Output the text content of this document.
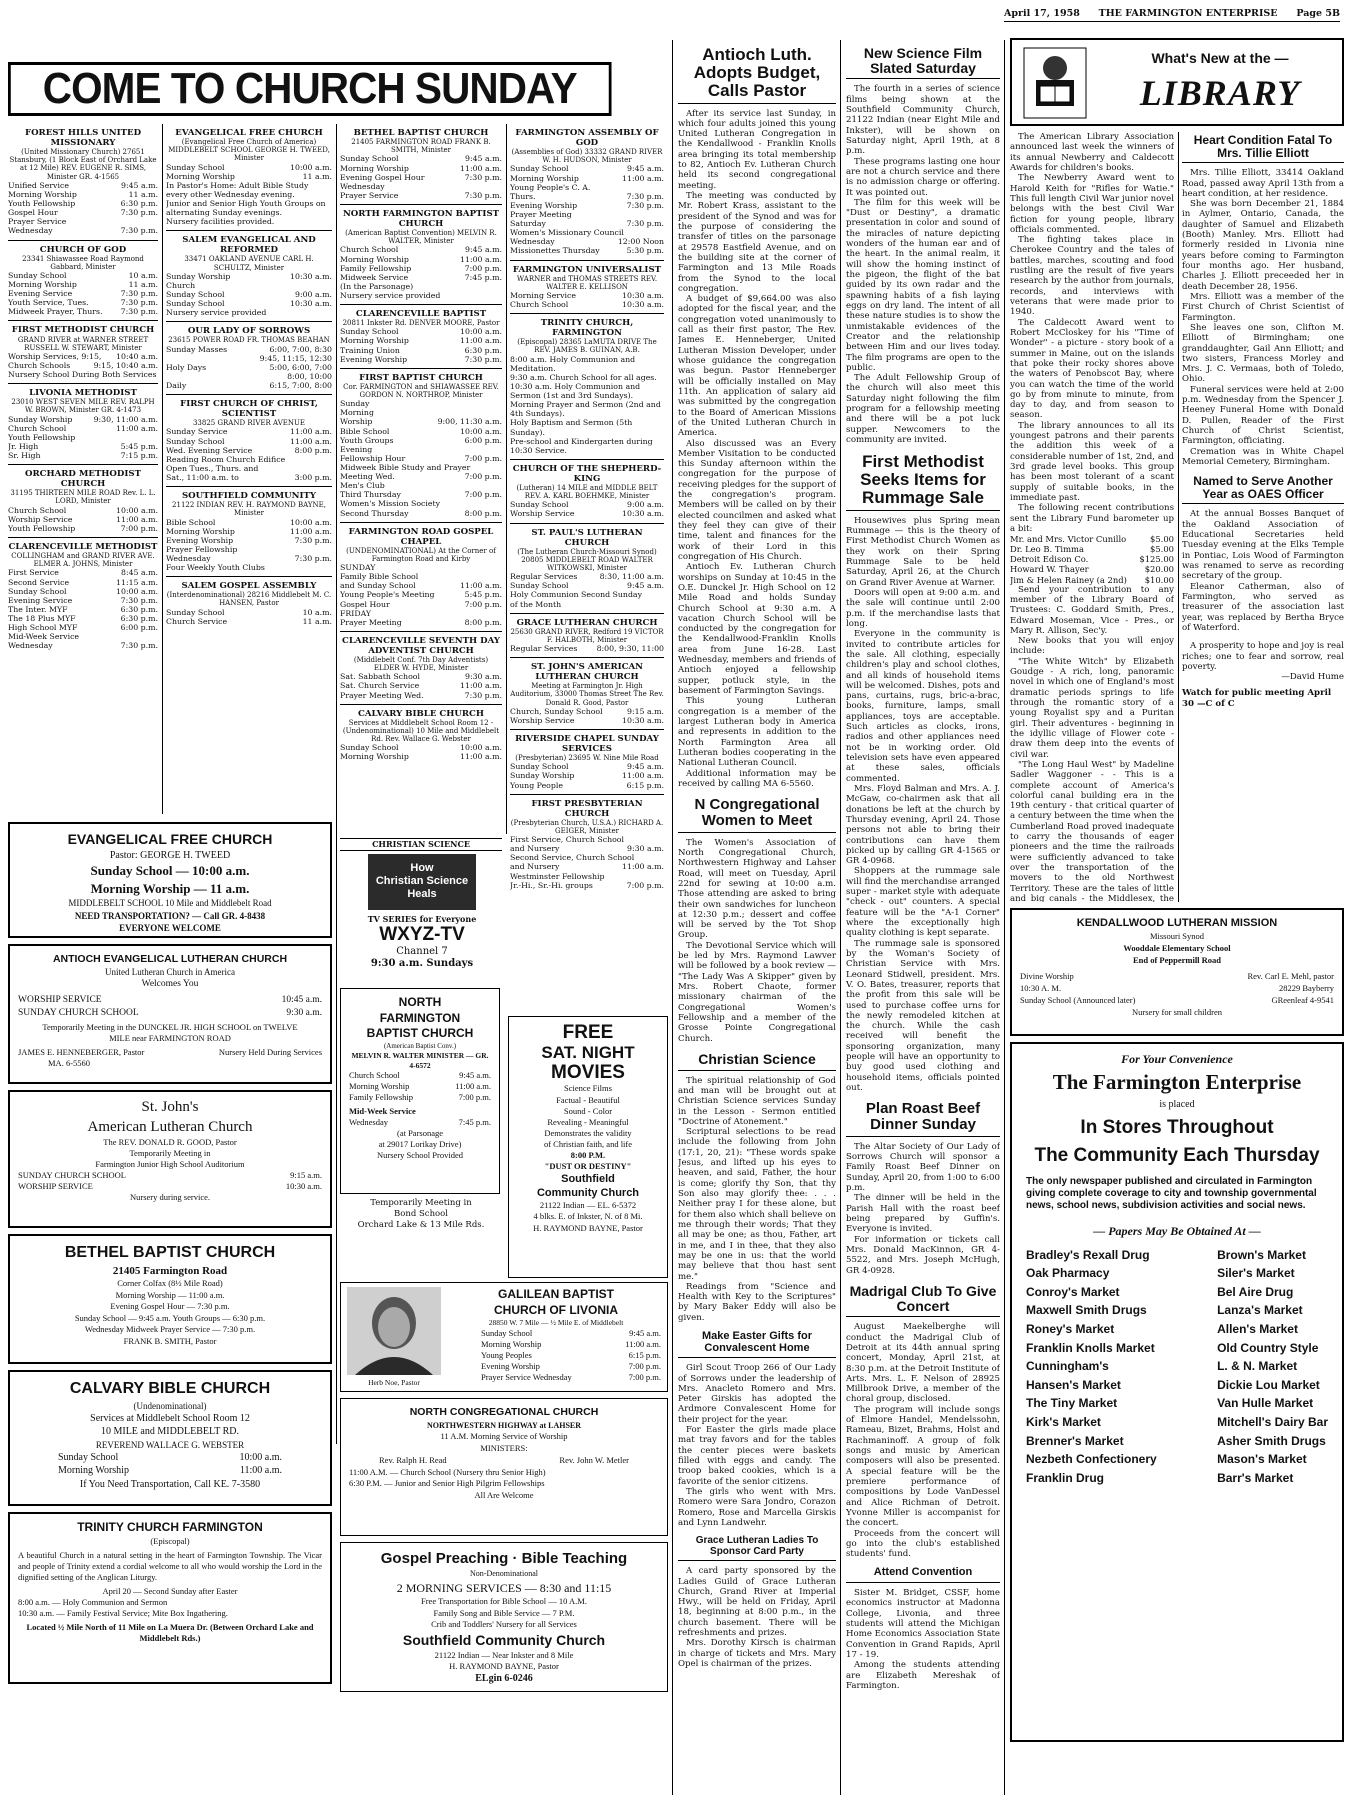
April 17, 1958 THE FARMINGTON ENTERPRISE Page 5B
COME TO CHURCH SUNDAY
FOREST HILLS UNITED MISSIONARY
(United Missionary Church) 27651 Stansbury, (1 Block East of Orchard Lake at 12 Mile) REV. EUGENE R. SIMS, Minister GR. 4-1565
Unified Service	9:45 a.m.
Morning Worship	11 a.m.
Youth Fellowship	6:30 p.m.
Gospel Hour	7:30 p.m.
Prayer Service
Wednesday	7:30 p.m.
CHURCH OF GOD
23341 Shiawassee Road Raymond Gabbard, Minister
Sunday School	10 a.m.
Morning Worship	11 a.m.
Evening Service	7:30 p.m.
Youth Service, Tues.	7:30 p.m.
Midweek Prayer, Thurs. 7:30 p.m.
FIRST METHODIST CHURCH
GRAND RIVER at WARNER STREET RUSSELL W. STEWART, Minister
Worship Services, 9:15, 10:40 a.m.
Church Schools	9:15, 10:40 a.m.
Nursery School During Both Services
LIVONIA METHODIST
23010 WEST SEVEN MILE REV. RALPH W. BROWN, Minister GR. 4-1473
Sunday Worship	9:30, 11:00 a.m.
Church School	11:00 a.m.
Youth Fellowship
Jr. High	5:45 p.m.
Sr. High	7:15 p.m.
ORCHARD METHODIST CHURCH
31195 THIRTEEN MILE ROAD Rev. L. L. LORD, Minister
Church School	10:00 a.m.
Worship Service	11:00 a.m.
Youth Fellowship	7:00 p.m.
CLARENCEVILLE METHODIST
COLLINGHAM and GRAND RIVER AVE. ELMER A. JOHNS, Minister
First Service	8:45 a.m.
Second Service	11:15 a.m.
Sunday School	10:00 a.m.
Evening Service	7:30 p.m.
The Inter. MYF	6:30 p.m.
The 18 Plus MYF	6:30 p.m.
High School MYF	6:00 p.m.
Mid-Week Service
Wednesday	7:30 p.m.
EVANGELICAL FREE CHURCH
(Evangelical Free Church of America) MIDDLEBELT SCHOOL GEORGE H. TWEED, Minister
Sunday School	10:00 a.m.
Morning Worship	11 a.m.
In Pastor's Home: Adult Bible Study every other Wednesday evening.
Junior and Senior High Youth Groups on alternating Sunday evenings.
Nursery facilities provided.
SALEM EVANGELICAL AND REFORMED
33471 OAKLAND AVENUE CARL H. SCHULTZ, Minister
Sunday Worship	10:30 a.m.
Church
Sunday School	9:00 a.m.
Sunday School	10:30 a.m.
Nursery service provided
OUR LADY OF SORROWS
23615 POWER ROAD FR. THOMAS BEAHAN
Sunday Masses	6:00, 7:00, 8:30
9:45, 11:15, 12:30
Holy Days	5:00, 6:00, 7:00
8:00, 10:00
Daily	6:15, 7:00, 8:00
FIRST CHURCH OF CHRIST, SCIENTIST
33825 GRAND RIVER AVENUE
Sunday Service	11:00 a.m.
Sunday School	11:00 a.m.
Wed. Evening Service	8:00 p.m.
Reading Room Church Edifice
Open Tues., Thurs. and
Sat., 11:00 a.m. to	3:00 p.m.
SOUTHFIELD COMMUNITY
21122 INDIAN REV. H. RAYMOND BAYNE, Minister
Bible School	10:00 a.m.
Morning Worship	11:00 a.m.
Evening Worship	7:30 p.m.
Prayer Fellowship
Wednesday	7:30 p.m.
Four Weekly Youth Clubs
SALEM GOSPEL ASSEMBLY
(Interdenominational) 28216 Middlebelt M. C. HANSEN, Pastor
Sunday School	10 a.m.
Church Service	11 a.m.
BETHEL BAPTIST CHURCH
21405 FARMINGTON ROAD FRANK B. SMITH, Minister
Sunday School	9:45 a.m.
Morning Worship	11:00 a.m.
Evening Gospel Hour	7:30 p.m.
Wednesday
Prayer Service	7:30 p.m.
NORTH FARMINGTON BAPTIST CHURCH
(American Baptist Convention) MELVIN R. WALTER, Minister
Church School	9:45 a.m.
Morning Worship	11:00 a.m.
Family Fellowship	7:00 p.m.
Midweek Service	7:45 p.m.
(In the Parsonage)
Nursery service provided
CLARENCEVILLE BAPTIST
20811 Inkster Rd. DENVER MOORE, Pastor
Sunday School	10:00 a.m.
Morning Worship	11:00 a.m.
Training Union	6:30 p.m.
Evening Worship	7:30 p.m.
FIRST BAPTIST CHURCH
Cor. FARMINGTON and SHIAWASSEE REV. GORDON N. NORTHROP, Minister
Sunday
Morning
Worship	9:00, 11:30 a.m.
Bible School	10:00 a.m.
Youth Groups	6:00 p.m.
Evening
Fellowship Hour	7:00 p.m.
Midweek Bible Study and Prayer
Meeting Wed.	7:00 p.m.
Men's Club
Third Thursday	7:00 p.m.
Women's Mission Society
Second Thursday	8:00 p.m.
FARMINGTON ROAD GOSPEL CHAPEL
(UNDENOMINATIONAL) At the Corner of Farmington Road and Kirby
SUNDAY
Family Bible School
and Sunday School	11:00 a.m.
Young People's Meeting	5:45 p.m.
Gospel Hour	7:00 p.m.
FRIDAY
Prayer Meeting	8:00 p.m.
CLARENCEVILLE SEVENTH DAY ADVENTIST CHURCH
(Middlebelt Conf. 7th Day Adventists) ELDER W. HYDE, Minister
Sat. Sabbath School	9:30 a.m.
Sat. Church Service	11:00 a.m.
Prayer Meeting Wed.	7:30 p.m.
CALVARY BIBLE CHURCH
Services at Middlebelt School Room 12 - (Undenominational) 10 Mile and Middlebelt Rd. Rev. Wallace G. Webster
Sunday School	10:00 a.m.
Morning Worship	11:00 a.m.
FARMINGTON ASSEMBLY OF GOD
(Assemblies of God) 33332 GRAND RIVER W. H. HUDSON, Minister
Sunday School	9:45 a.m.
Morning Worship	11:00 a.m.
Young People's C. A.
Thurs.	7:30 p.m.
Evening Worship	7:30 p.m.
Prayer Meeting
Saturday	7:30 p.m.
Women's Missionary Council
Wednesday	12:00 Noon
Missionettes Thursday	5:30 p.m.
FARMINGTON UNIVERSALIST
WARNER and THOMAS STREETS REV. WALTER E. KELLISON
Morning Service	10:30 a.m.
Church School	10:30 a.m.
TRINITY CHURCH, FARMINGTON
(Episcopal) 28365 LaMUTA DRIVE The REV. JAMES B. GUINAN, A.B.
8:00 a.m. Holy Communion and Meditation.
9:30 a.m. Church School for all ages.
10:30 a.m. Holy Communion and Sermon (1st and 3rd Sundays).
Morning Prayer and Sermon (2nd and 4th Sundays).
Holy Baptism and Sermon (5th Sunday).
Pre-school and Kindergarten during 10:30 Service.
CHURCH OF THE SHEPHERD-KING
(Lutheran) 14 MILE and MIDDLE BELT REV. A. KARL BOEHMKE, Minister
Sunday School	9:00 a.m.
Worship Service	10:30 a.m.
ST. PAUL'S LUTHERAN CHURCH
(The Lutheran Church-Missouri Synod) 20805 MIDDLEBELT ROAD WALTER WITKOWSKI, Minister
Regular Services	8:30, 11:00 a.m.
Sunday School	9:45 a.m.
Holy Communion Second Sunday
of the Month
GRACE LUTHERAN CHURCH
25630 GRAND RIVER, Redford 19 VICTOR F. HALBOTH, Minister
Regular Services 8:00, 9:30, 11:00
ST. JOHN'S AMERICAN LUTHERAN CHURCH
Meeting at Farmington Jr. High Auditorium, 33000 Thomas Street The Rev. Donald R. Good, Pastor
Church, Sunday School	9:15 a.m.
Worship Service	10:30 a.m.
RIVERSIDE CHAPEL SUNDAY SERVICES
(Presbyterian) 23695 W. Nine Mile Road
Sunday School	9:45 a.m.
Sunday Worship	11:00 a.m.
Young People	6:15 p.m.
FIRST PRESBYTERIAN CHURCH
(Presbyterian Church, U.S.A.) RICHARD A. GEIGER, Minister
First Service, Church School
and Nursery	9:30 a.m.
Second Service, Church School
and Nursery	11:00 a.m.
Westminster Fellowship
Jr.-Hi., Sr.-Hi. groups	7:00 p.m.
EVANGELICAL FREE CHURCH
Pastor: GEORGE H. TWEED
Sunday School — 10:00 a.m.
Morning Worship — 11 a.m.
MIDDLEBELT SCHOOL 10 Mile and Middlebelt Road
NEED TRANSPORTATION? — Call GR. 4-8438
EVERYONE WELCOME
ANTIOCH EVANGELICAL LUTHERAN CHURCH
United Lutheran Church in America
Welcomes You
WORSHIP SERVICE	10:45 a.m.
SUNDAY CHURCH SCHOOL	9:30 a.m.
Temporarily Meeting in the DUNCKEL JR. HIGH SCHOOL on TWELVE MILE near FARMINGTON ROAD
JAMES E. HENNEBERGER, Pastor	Nursery Held During Services
MA. 6-5560
St. John's
American Lutheran Church
The REV. DONALD R. GOOD, Pastor
Temporarily Meeting in
Farmington Junior High School Auditorium
SUNDAY CHURCH SCHOOL	9:15 a.m.
WORSHIP SERVICE	10:30 a.m.
Nursery during service.
BETHEL BAPTIST CHURCH
21405 Farmington Road
Corner Colfax (8½ Mile Road)
Morning Worship — 11:00 a.m.
Evening Gospel Hour — 7:30 p.m.
Sunday School — 9:45 a.m. Youth Groups — 6:30 p.m.
Wednesday Midweek Prayer Service — 7:30 p.m.
FRANK B. SMITH, Pastor
CALVARY BIBLE CHURCH
(Undenominational)
Services at Middlebelt School Room 12
10 MILE and MIDDLEBELT RD.
REVEREND WALLACE G. WEBSTER
Sunday School	10:00 a.m.
Morning Worship	11:00 a.m.
If You Need Transportation, Call KE. 7-3580
TRINITY CHURCH FARMINGTON
(Episcopal)
A beautiful Church in a natural setting in the heart of Farmington Township. The Vicar and people of Trinity extend a cordial welcome to all who would worship the Lord in the dignified setting of the Anglican Liturgy.
April 20 — Second Sunday after Easter
8:00 a.m. — Holy Communion and Sermon
10:30 a.m. — Family Festival Service; Mite Box Ingathering.
Located ½ Mile North of 11 Mile on La Muera Dr. (Between Orchard Lake and Middlebelt Rds.)
CHRISTIAN SCIENCE
How
Christian Science
Heals
TV SERIES for Everyone
WXYZ-TV
Channel 7
9:30 a.m. Sundays
NORTH
FARMINGTON
BAPTIST CHURCH
(American Baptist Conv.)
MELVIN R. WALTER MINISTER — GR. 4-6572
Church School	9:45 a.m.
Morning Worship	11:00 a.m.
Family Fellowship	7:00 p.m.
Mid-Week Service
Wednesday	7:45 p.m.
(at Parsonage
at 29017 Lorikay Drive)
Nursery School Provided
FREE
SAT. NIGHT
MOVIES
Science Films
Factual - Beautiful
Sound - Color
Revealing - Meaningful
Demonstrates the validity
of Christian faith, and life
8:00 P.M.
"DUST OR DESTINY"
Southfield
Community Church
21122 Indian — EL. 6-5372
4 blks. E. of Inkster, N. of 8 Mi.
H. RAYMOND BAYNE, Pastor
Temporarily Meeting in
Bond School
Orchard Lake & 13 Mile Rds.
Herb Noe, Pastor
GALILEAN BAPTIST
CHURCH OF LIVONIA
28850 W. 7 Mile — ½ Mile E. of Middlebelt
Sunday School	9:45 a.m.
Morning Worship	11:00 a.m.
Young Peoples	6:15 p.m.
Evening Worship	7:00 p.m.
Prayer Service Wednesday	7:00 p.m.
NORTH CONGREGATIONAL CHURCH
NORTHWESTERN HIGHWAY at LAHSER
11 A.M. Morning Service of Worship
MINISTERS:
Rev. Ralph H. Read	Rev. John W. Metler
11:00 A.M. — Church School (Nursery thru Senior High)
6:30 P.M. — Junior and Senior High Pilgrim Fellowships
All Are Welcome
Gospel Preaching · Bible Teaching
Non-Denominational
2 MORNING SERVICES — 8:30 and 11:15
Free Transportation for Bible School — 10 A.M.
Family Song and Bible Service — 7 P.M.
Crib and Toddlers' Nursery for all Services
Southfield Community Church
21122 Indian — Near Inkster and 8 Mile
H. RAYMOND BAYNE, Pastor
ELgin 6-0246
Antioch Luth. Adopts Budget, Calls Pastor

After its service last Sunday, in which four adults joined this young United Lutheran Congregation in the Kendallwood - Franklin Knolls area bringing its total membership to 82, Antioch Ev. Lutheran Church held its second congregational meeting.

The meeting was conducted by Mr. Robert Krass, assistant to the president of the Synod and was for the purpose of considering the transfer of titles on the parsonage at 29578 Eastfield Avenue, and on the building site at the corner of Farmington and 13 Mile Roads from the Synod to the local congregation.

A budget of $9,664.00 was also adopted for the fiscal year, and the congregation voted unanimously to call as their first pastor, The Rev. James E. Henneberger, United Lutheran Mission Developer, under whose guidance the congregation was begun. Pastor Henneberger will be officially installed on May 11th. An application of salary aid was submitted by the congregation to the Board of American Missions of the United Lutheran Church in America.

Also discussed was an Every Member Visitation to be conducted this Sunday afternoon within the congregation for the purpose of receiving pledges for the support of the congregation's program. Members will be called on by their elected councilmen and asked what they feel they can give of their time, talent and finances for the work of their Lord in this congregation of His Church.

Antioch Ev. Lutheran Church worships on Sunday at 10:45 in the O.E. Dunckel Jr. High School on 12 Mile Road and holds Sunday Church School at 9:30 a.m. A vacation Church School will be conducted by the congregation for the Kendallwood-Franklin Knolls area from June 16-28. Last Wednesday, members and friends of Antioch enjoyed a fellowship supper, potluck style, in the basement of Farmington Savings.

This young Lutheran congregation is a member of the largest Lutheran body in America and represents in addition to the North Farmington Area all Lutheran bodies cooperating in the National Lutheran Council.

Additional information may be received by calling MA 6-5560.

N Congregational Women to Meet

The Women's Association of North Congregational Church, Northwestern Highway and Lahser Road, will meet on Tuesday, April 22nd for sewing at 10:00 a.m. Those attending are asked to bring their own sandwiches for luncheon at 12:30 p.m.; dessert and coffee will be served by the Tot Shop Group.

The Devotional Service which will be led by Mrs. Raymond Lawver will be followed by a book review — "The Lady Was A Skipper" given by Mrs. Robert Chaote, former missionary chairman of the Congregational Women's Fellowship and a member of the Grosse Pointe Congregational Church.

Christian Science

The spiritual relationship of God and man will be brought out at Christian Science services Sunday in the Lesson - Sermon entitled "Doctrine of Atonement."

Scriptural selections to be read include the following from John (17:1, 20, 21): "These words spake Jesus, and lifted up his eyes to heaven, and said, Father, the hour is come; glorify thy Son, that thy Son also may glorify thee: . . . Neither pray I for these alone, but for them also which shall believe on me through their words; That they all may be one; as thou, Father, art in me, and I in thee, that they also may be one in us: that the world may believe that thou hast sent me."

Readings from "Science and Health with Key to the Scriptures" by Mary Baker Eddy will also be given.

Make Easter Gifts for Convalescent Home

Girl Scout Troop 266 of Our Lady of Sorrows under the leadership of Mrs. Anacleto Romero and Mrs. Peter Girskis has adopted the Ardmore Convalescent Home for their project for the year.

For Easter the girls made place mat tray favors and for the tables the center pieces were baskets filled with eggs and candy. The troop baked cookies, which is a favorite of the senior citizens.

The girls who went with Mrs. Romero were Sara Jondro, Corazon Romero, Rose and Marcella Girskis and Lynn Landwehr.

Grace Lutheran Ladies To Sponsor Card Party

A card party sponsored by the Ladies Guild of Grace Lutheran Church, Grand River at Imperial Hwy., will be held on Friday, April 18, beginning at 8:00 p.m., in the church basement. There will be refreshments and prizes.

Mrs. Dorothy Kirsch is chairman in charge of tickets and Mrs. Mary Opel is chairman of the prizes.

New Science Film Slated Saturday

The fourth in a series of science films being shown at the Southfield Community Church, 21122 Indian (near Eight Mile and Inkster), will be shown on Saturday night, April 19th, at 8 p.m.

These programs lasting one hour are not a church service and there is no admission charge or offering. It was pointed out.

The film for this week will be "Dust or Destiny", a dramatic presentation in color and sound of the miracles of nature depicting wonders of the human ear and of the heart. In the animal realm, it will show the homing instinct of the pigeon, the flight of the bat guided by its own radar and the spawning habits of a fish laying eggs on dry land. The intent of all these nature studies is to show the unmistakable evidences of the Creator and the relationship between Him and our lives today. The film programs are open to the public.

The Adult Fellowship Group of the church will also meet this Saturday night following the film program for a fellowship meeting and there will be a pot luck supper. Newcomers to the community are invited.

First Methodist Seeks Items for Rummage Sale

Housewives plus Spring mean Rummage — this is the theory of First Methodist Church Women as they work on their Spring Rummage Sale to be held Saturday, April 26, at the Church on Grand River Avenue at Warner.

Doors will open at 9:00 a.m. and the sale will continue until 2:00 p.m. if the merchandise lasts that long.

Everyone in the community is invited to contribute articles for the sale. All clothing, especially children's play and school clothes, and all kinds of household items will be welcomed. Dishes, pots and pans, curtains, rugs, bric-a-brac, books, furniture, lamps, small appliances, toys are acceptable. Such articles as clocks, irons, radios and other appliances need not be in working order. Old television sets have even appeared at these sales, officials commented.

Mrs. Floyd Balman and Mrs. A. J. McGaw, co-chairmen ask that all donations be left at the church by Thursday evening, April 24. Those persons not able to bring their contributions can have them picked up by calling GR 4-1565 or GR 4-0968.

Shoppers at the rummage sale will find the merchandise arranged super - market style with adequate "check - out" counters. A special feature will be the "A-1 Corner" where the exceptionally high quality clothing is kept separate.

The rummage sale is sponsored by the Woman's Society of Christian Service with Mrs. Leonard Stidwell, president. Mrs. V. O. Bates, treasurer, reports that the profit from this sale will be used to purchase coffee urns for the newly remodeled kitchen at the church. While the cash received will benefit the sponsoring organization, many people will have an opportunity to buy good used clothing and household items, officials pointed out.

Plan Roast Beef Dinner Sunday

The Altar Society of Our Lady of Sorrows Church will sponsor a Family Roast Beef Dinner on Sunday, April 20, from 1:00 to 6:00 p.m.

The dinner will be held in the Parish Hall with the roast beef being prepared by Guffin's. Everyone is invited.

For information or tickets call Mrs. Donald MacKinnon, GR 4-5522, and Mrs. Joseph McHugh, GR 4-0928.

Madrigal Club To Give Concert

August Maekelberghe will conduct the Madrigal Club of Detroit at its 44th annual spring concert, Monday, April 21st, at 8:30 p.m. at the Detroit Institute of Arts. Mrs. L. F. Nelson of 28925 Millbrook Drive, a member of the choral group, disclosed.

The program will include songs of Elmore Handel, Mendelssohn, Rameau, Bizet, Brahms, Holst and Rachmaninoff. A group of folk songs and music by American composers will also be presented. A special feature will be the premiere performance of compositions by Lode VanDessel and Alice Richman of Detroit. Yvonne Miller is accompanist for the concert.

Proceeds from the concert will go into the club's established students' fund.

Attend Convention

Sister M. Bridget, CSSF, home economics instructor at Madonna College, Livonia, and three students will attend the Michigan Home Economics Association State Convention in Grand Rapids, April 17 - 19.

Among the students attending are Elizabeth Mereshak of Farmington.

What's New at the —
LIBRARY

The American Library Association announced last week the winners of its annual Newberry and Caldecott Awards for children's books.

The Newberry Award went to Harold Keith for "Rifles for Watie." This full length Civil War junior novel belongs with the best Civil War fiction for young people, library officials commented.

The fighting takes place in Cherokee Country and the tales of battles, marches, scouting and food rustling are the result of five years research by the author from journals, records, and interviews with veterans that were made prior to 1940.

The Caldecott Award went to Robert McCloskey for his "Time of Wonder" - a picture - story book of a summer in Maine, out on the islands that poke their rocky shores above the waters of Penobscot Bay, where you can watch the time of the world go by from minute to minute, from day to day, and from season to season.

The library announces to all its youngest patrons and their parents the addition this week of a considerable number of 1st, 2nd, and 3rd grade level books. This group has been most tolerant of a scant supply of suitable books, in the immediate past.

The following recent contributions sent the Library Fund barometer up a bit:

Mr. and Mrs. Victor Cunillo	$5.00
Dr. Leo B. Timma	$5.00
Detroit Edison Co.	$125.00
Howard W. Thayer	$20.00
Jim & Helen Rainey (a 2nd) $10.00

Send your contribution to any member of the Library Board of Trustees: C. Goddard Smith, Pres., Edward Moseman, Vice - Pres., or Mary R. Allison, Sec'y.

New books that you will enjoy include:

"The White Witch" by Elizabeth Goudge - A rich, long, panoramic novel in which one of England's most dramatic periods springs to life through the romantic story of a young Royalist spy and a Puritan girl. Their adventures - beginning in the idyllic village of Flower cote - draw them deep into the events of civil war.

"The Long Haul West" by Madeline Sadler Waggoner - - This is a complete account of America's colorful canal building era in the 19th century - that critical quarter of a century between the time when the Cumberland Road proved inadequate to carry the thousands of eager pioneers and the time the railroads were sufficiently advanced to take over the transportation of the movers to the old Northwest Territory. These are the tales of little and big canals - the Middlesex, the

Heart Condition Fatal To Mrs. Tillie Elliott

Mrs. Tillie Elliott, 33414 Oakland Road, passed away April 13th from a heart condition, at her residence.

She was born December 21, 1884 in Aylmer, Ontario, Canada, the daughter of Samuel and Elizabeth (Booth) Manley. Mrs. Elliott had formerly resided in Livonia nine years before coming to Farmington four months ago. Her husband, Charles J. Elliott preceeded her in death December 28, 1956.

Mrs. Elliott was a member of the First Church of Christ Scientist of Farmington.

She leaves one son, Clifton M. Elliott of Birmingham; one granddaughter, Gail Ann Elliott; and two sisters, Francess Morley and Mrs. J. C. Vermaas, both of Toledo, Ohio.

Funeral services were held at 2:00 p.m. Wednesday from the Spencer J. Heeney Funeral Home with Donald D. Pullen, Reader of the First Church of Christ Scientist, Farmington, officiating.

Cremation was in White Chapel Memorial Cemetery, Birmingham.

Named to Serve Another Year as OAES Officer

At the annual Bosses Banquet of the Oakland Association of Educational Secretaries held Tuesday evening at the Elks Temple in Pontiac, Lois Wood of Farmington was renamed to serve as recording secretary of the group.

Eleanor Catherman, also of Farmington, who served as treasurer of the association last year, was replaced by Bertha Bryce of Waterford.

A prosperity to hope and joy is real riches; one to fear and sorrow, real poverty.

—David Hume
Watch for public meeting April 30 —C of C
KENDALLWOOD LUTHERAN MISSION
Missouri Synod
Wooddale Elementary School
End of Peppermill Road
Divine Worship	Rev. Carl E. Mehl, pastor
10:30 A. M.	28229 Bayberry
Sunday School (Announced later)	GReenleaf 4-9541
Nursery for small children
For Your Convenience
The Farmington Enterprise
is placed
In Stores Throughout
The Community Each Thursday
The only newspaper published and circulated in Farmington giving complete coverage to city and township governmental news, school news, subdivision activities and social news.
— Papers May Be Obtained At —
Bradley's Rexall Drug
Oak Pharmacy
Conroy's Market
Maxwell Smith Drugs
Roney's Market
Franklin Knolls Market
Cunningham's
Hansen's Market
The Tiny Market
Kirk's Market
Brenner's Market
Nezbeth Confectionery
Franklin Drug
Brown's Market
Siler's Market
Bel Aire Drug
Lanza's Market
Allen's Market
Old Country Style
L. & N. Market
Dickie Lou Market
Van Hulle Market
Mitchell's Dairy Bar
Asher Smith Drugs
Mason's Market
Barr's Market
